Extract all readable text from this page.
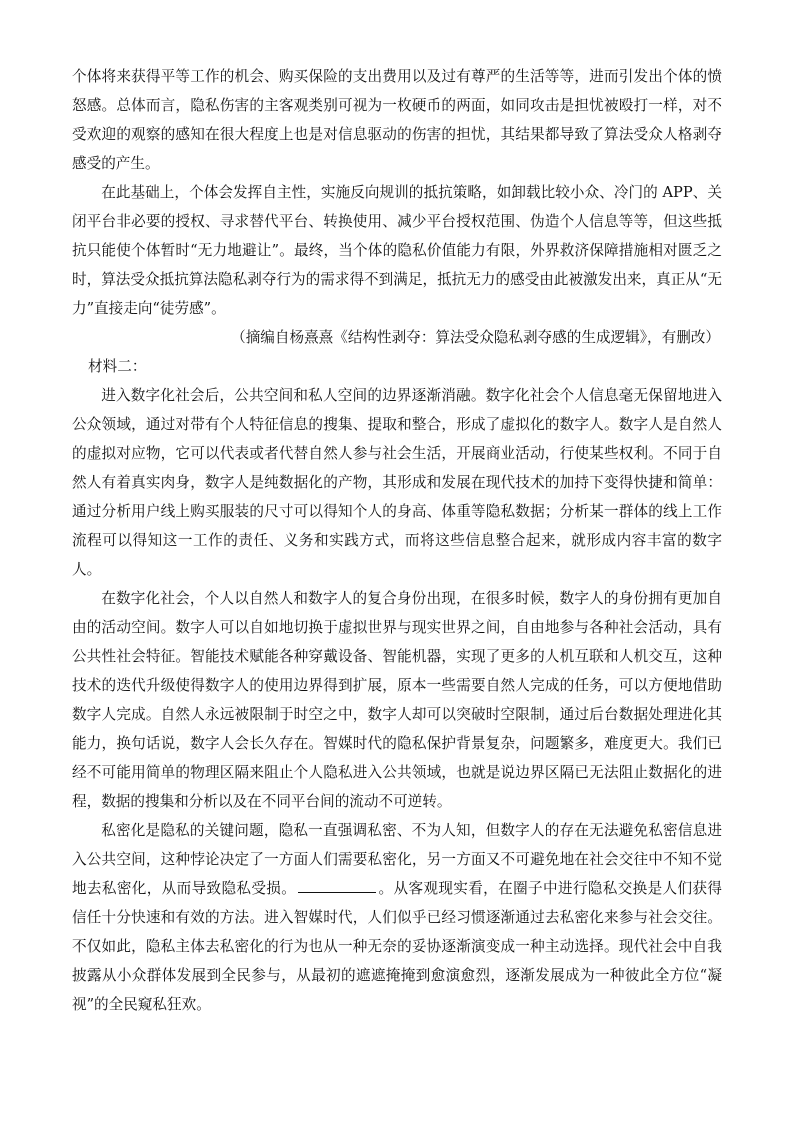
个体将来获得平等工作的机会、购买保险的支出费用以及过有尊严的生活等等，进而引发出个体的愤怒感。总体而言，隐私伤害的主客观类别可视为一枚硬币的两面，如同攻击是担忧被殴打一样，对不受欢迎的观察的感知在很大程度上也是对信息驱动的伤害的担忧，其结果都导致了算法受众人格剥夺感受的产生。

在此基础上，个体会发挥自主性，实施反向规训的抵抗策略，如卸载比较小众、冷门的 APP、关闭平台非必要的授权、寻求替代平台、转换使用、减少平台授权范围、伪造个人信息等等，但这些抵抗只能使个体暂时“无力地避让”。最终，当个体的隐私价值能力有限，外界救济保障措施相对匮乏之时，算法受众抵抗算法隐私剥夺行为的需求得不到满足，抵抗无力的感受由此被激发出来，真正从“无力”直接走向“徒劳感”。

（摘编自杨熹熹《结构性剥夺：算法受众隐私剥夺感的生成逻辑》，有删改）

材料二：

进入数字化社会后，公共空间和私人空间的边界逐渐消融。数字化社会个人信息毫无保留地进入公众领域，通过对带有个人特征信息的搜集、提取和整合，形成了虚拟化的数字人。数字人是自然人的虚拟对应物，它可以代表或者代替自然人参与社会生活，开展商业活动，行使某些权利。不同于自然人有着真实肉身，数字人是纯数据化的产物，其形成和发展在现代技术的加持下变得快捷和简单：通过分析用户线上购买服装的尺寸可以得知个人的身高、体重等隐私数据；分析某一群体的线上工作流程可以得知这一工作的责任、义务和实践方式，而将这些信息整合起来，就形成内容丰富的数字人。

在数字化社会，个人以自然人和数字人的复合身份出现，在很多时候，数字人的身份拥有更加自由的活动空间。数字人可以自如地切换于虚拟世界与现实世界之间，自由地参与各种社会活动，具有公共性社会特征。智能技术赋能各种穿戴设备、智能机器，实现了更多的人机互联和人机交互，这种技术的迭代升级使得数字人的使用边界得到扩展，原本一些需要自然人完成的任务，可以方便地借助数字人完成。自然人永远被限制于时空之中，数字人却可以突破时空限制，通过后台数据处理进化其能力，换句话说，数字人会长久存在。智媒时代的隐私保护背景复杂，问题繁多，难度更大。我们已经不可能用简单的物理区隔来阻止个人隐私进入公共领域，也就是说边界区隔已无法阻止数据化的进程，数据的搜集和分析以及在不同平台间的流动不可逆转。

私密化是隐私的关键问题，隐私一直强调私密、不为人知，但数字人的存在无法避免私密信息进入公共空间，这种悖论决定了一方面人们需要私密化，另一方面又不可避免地在社会交往中不知不觉地去私密化，从而导致隐私受损。	。从客观现实看，在圈子中进行隐私交换是人们获得信任十分快速和有效的方法。进入智媒时代，人们似乎已经习惯逐渐通过去私密化来参与社会交往。不仅如此，隐私主体去私密化的行为也从一种无奈的妥协逐渐演变成一种主动选择。现代社会中自我披露从小众群体发展到全民参与，从最初的遮遮掩掩到愈演愈烈，逐渐发展成为一种彼此全方位“凝视”的全民窥私狂欢。
